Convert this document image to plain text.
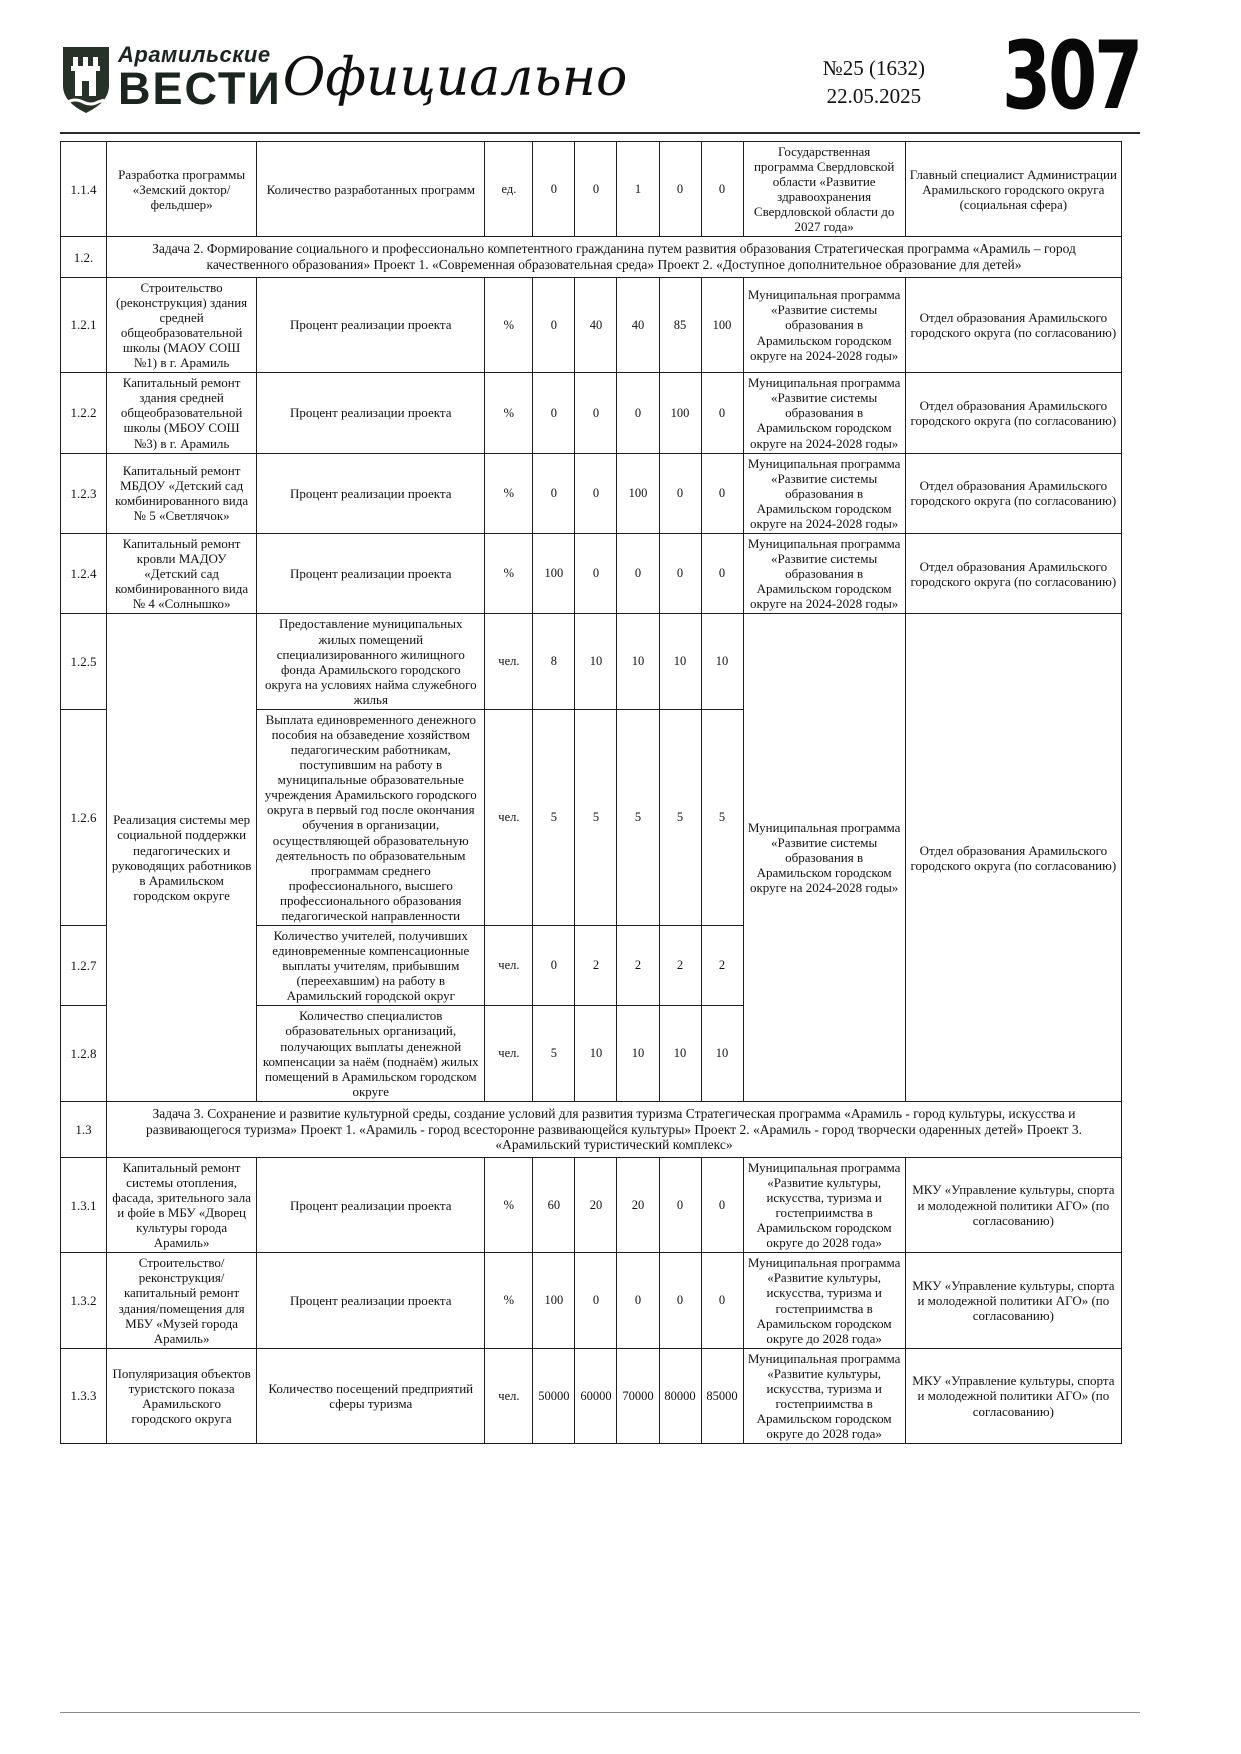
Арамильские
ВЕСТИ Официально	№25 (1632)
22.05.2025 307
1.1.4	Разработка программы «Земский доктор/фельдшер»	Количество разработанных программ	ед.	0	0	1	0	0	Государственная программа Свердловской области «Развитие здравоохранения Свердловской области до 2027 года»	Главный специалист Администрации Арамильского городского округа (социальная сфера)
1.2.	Задача 2. Формирование социального и профессионально компетентного гражданина путем развития образования Стратегическая программа «Арамиль – город качественного образования» Проект 1. «Современная образовательная среда» Проект 2. «Доступное дополнительное образование для детей»									
1.2.1	Строительство (реконструкция) здания средней общеобразовательной школы (МАОУ СОШ №1) в г. Арамиль	Процент реализации проекта	%	0	40	40	85	100	Муниципальная программа «Развитие системы образования в Арамильском городском округе на 2024-2028 годы»	Отдел образования Арамильского городского округа (по согласованию)
1.2.2	Капитальный ремонт здания средней общеобразовательной школы (МБОУ СОШ №3) в г. Арамиль	Процент реализации проекта	%	0	0	0	100	0	Муниципальная программа «Развитие системы образования в Арамильском городском округе на 2024-2028 годы»	Отдел образования Арамильского городского округа (по согласованию)
1.2.3	Капитальный ремонт МБДОУ «Детский сад комбинированного вида № 5 «Светлячок»	Процент реализации проекта	%	0	0	100	0	0	Муниципальная программа «Развитие системы образования в Арамильском городском округе на 2024-2028 годы»	Отдел образования Арамильского городского округа (по согласованию)
1.2.4	Капитальный ремонт кровли МАДОУ «Детский сад комбинированного вида № 4 «Солнышко»	Процент реализации проекта	%	100	0	0	0	0	Муниципальная программа «Развитие системы образования в Арамильском городском округе на 2024-2028 годы»	Отдел образования Арамильского городского округа (по согласованию)
1.2.5	Реализация системы мер социальной поддержки педагогических и руководящих работников в Арамильском городском округе	Предоставление муниципальных жилых помещений специализированного жилищного фонда Арамильского городского округа на условиях найма служебного жилья	чел.	8	10	10	10	10	Муниципальная программа «Развитие системы образования в Арамильском городском округе на 2024-2028 годы»	Отдел образования Арамильского городского округа (по согласованию)
1.2.6		Выплата единовременного денежного пособия на обзаведение хозяйством педагогическим работникам, поступившим на работу в муниципальные образовательные учреждения Арамильского городского округа в первый год после окончания обучения в организации, осуществляющей образовательную деятельность по образовательным программам среднего профессионального, высшего профессионального образования педагогической направленности	чел.	5	5	5	5	5		
1.2.7		Количество учителей, получивших единовременные компенсационные выплаты учителям, прибывшим (переехавшим) на работу в Арамильский городской округ	чел.	0	2	2	2	2		
1.2.8		Количество специалистов образовательных организаций, получающих выплаты денежной компенсации за наём (поднаём) жилых помещений в Арамильском городском округе	чел.	5	10	10	10	10		
1.3	Задача 3. Сохранение и развитие культурной среды, создание условий для развития туризма Стратегическая программа «Арамиль - город культуры, искусства и развивающегося туризма» Проект 1. «Арамиль - город всесторонне развивающейся культуры» Проект 2. «Арамиль - город творчески одаренных детей» Проект 3. «Арамильский туристический комплекс»									
1.3.1	Капитальный ремонт системы отопления, фасада, зрительного зала и фойе в МБУ «Дворец культуры города Арамиль»	Процент реализации проекта	%	60	20	20	0	0	Муниципальная программа «Развитие культуры, искусства, туризма и гостеприимства в Арамильском городском округе до 2028 года»	МКУ «Управление культуры, спорта и молодежной политики АГО» (по согласованию)
1.3.2	Строительство/реконструкция/капитальный ремонт здания/помещения для МБУ «Музей города Арамиль»	Процент реализации проекта	%	100	0	0	0	0	Муниципальная программа «Развитие культуры, искусства, туризма и гостеприимства в Арамильском городском округе до 2028 года»	МКУ «Управление культуры, спорта и молодежной политики АГО» (по согласованию)
1.3.3	Популяризация объектов туристского показа Арамильского городского округа	Количество посещений предприятий сферы туризма	чел.	50000	60000	70000	80000	85000	Муниципальная программа «Развитие культуры, искусства, туризма и гостеприимства в Арамильском городском округе до 2028 года»	МКУ «Управление культуры, спорта и молодежной политики АГО» (по согласованию)
